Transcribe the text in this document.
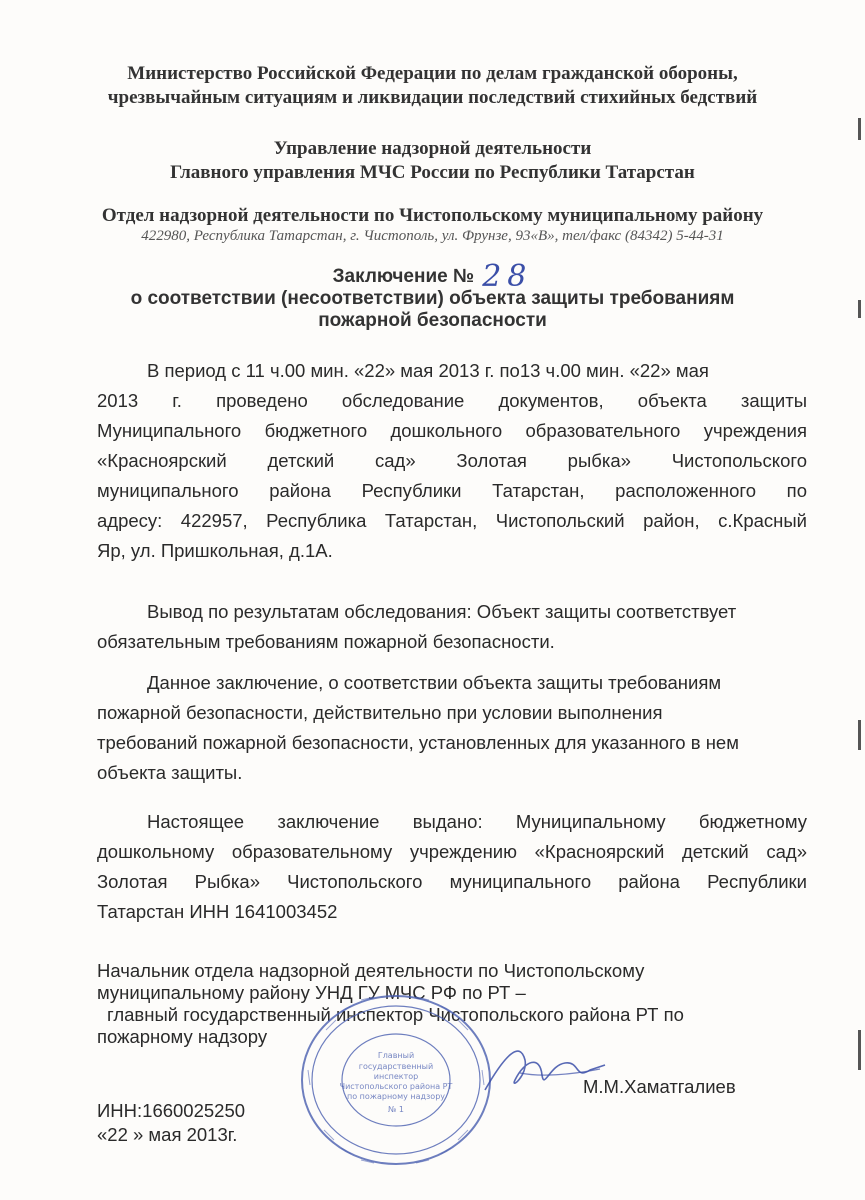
Министерство Российской Федерации по делам гражданской обороны,
чрезвычайным ситуациям и ликвидации последствий стихийных бедствий
Управление надзорной деятельности
Главного управления МЧС России по Республики Татарстан
Отдел надзорной деятельности по Чистопольскому муниципальному району
422980, Республика Татарстан, г. Чистополь, ул. Фрунзе, 93«В», тел/факс (84342) 5-44-31
Заключение № 28
о соответствии (несоответствии) объекта защиты требованиям
пожарной безопасности
В период с 11 ч.00 мин. «22» мая 2013 г. по13 ч.00 мин. «22» мая
2013 г. проведено обследование документов, объекта защиты
Муниципального бюджетного дошкольного образовательного учреждения
«Красноярский детский сад» Золотая рыбка» Чистопольского
муниципального района Республики Татарстан, расположенного по
адресу: 422957, Республика Татарстан, Чистопольский район, с.Красный
Яр, ул. Пришкольная, д.1А.
Вывод по результатам обследования: Объект защиты соответствует
обязательным требованиям пожарной безопасности.
Данное заключение, о соответствии объекта защиты требованиям
пожарной безопасности, действительно при условии выполнения
требований пожарной безопасности, установленных для указанного в нем
объекта защиты.
Настоящее заключение выдано: Муниципальному бюджетному
дошкольному образовательному учреждению «Красноярский детский сад»
Золотая Рыбка» Чистопольского муниципального района Республики
Татарстан ИНН 1641003452
Начальник отдела надзорной деятельности по Чистопольскому
муниципальному району УНД ГУ МЧС РФ по РТ –
главный государственный инспектор Чистопольского района РТ по
пожарному надзору
Главный
государственный
инспектор
Чистопольского района РТ
по пожарному надзору
№ 1
М.М.Хаматгалиев
ИНН:1660025250
«22 » мая 2013г.
